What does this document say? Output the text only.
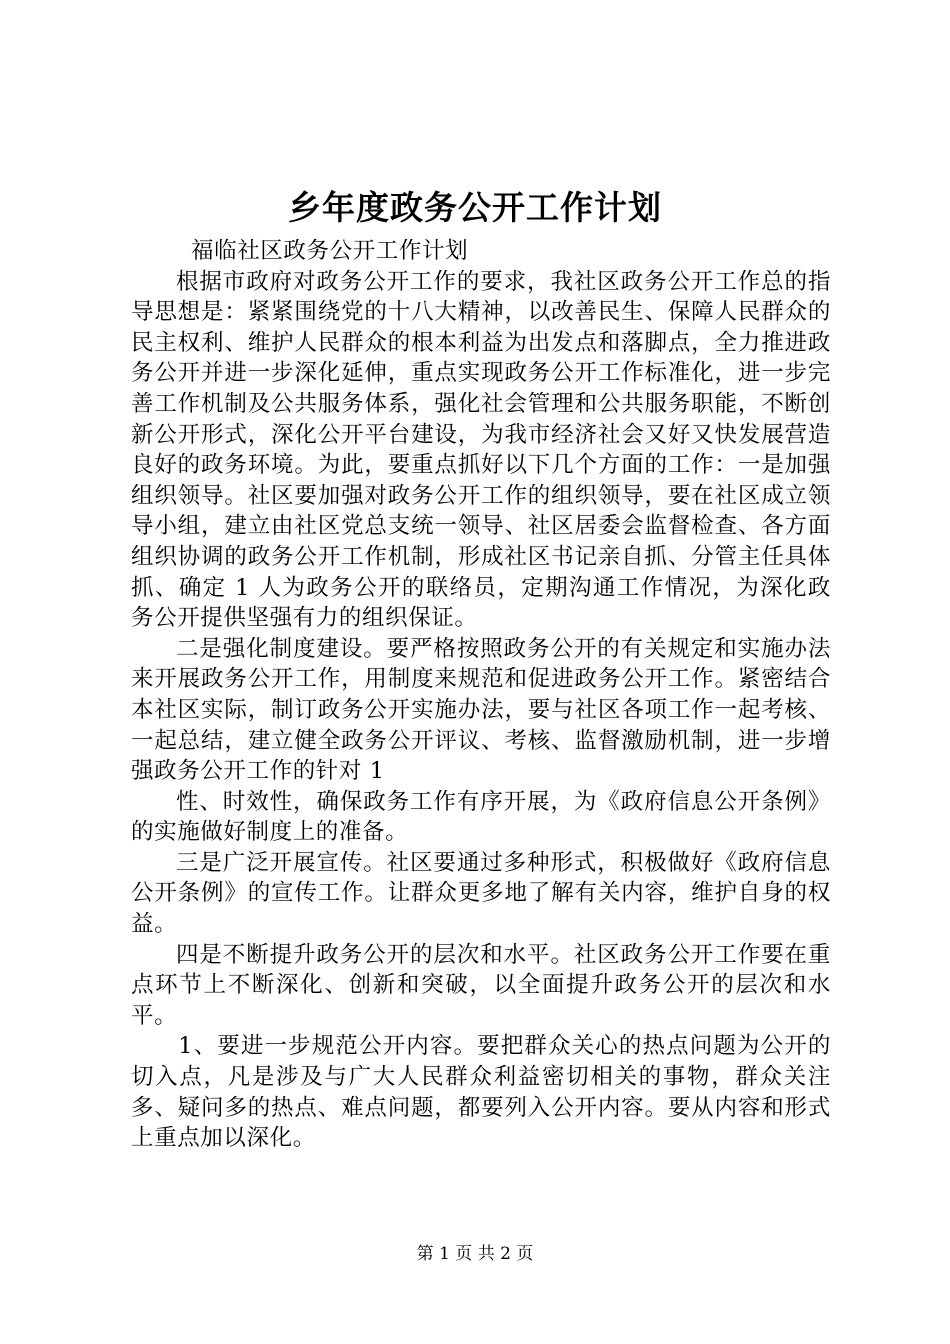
乡年度政务公开工作计划

福临社区政务公开工作计划

根据市政府对政务公开工作的要求，我社区政务公开工作总的指导思想是：紧紧围绕党的十八大精神，以改善民生、保障人民群众的民主权利、维护人民群众的根本利益为出发点和落脚点，全力推进政务公开并进一步深化延伸，重点实现政务公开工作标准化，进一步完善工作机制及公共服务体系，强化社会管理和公共服务职能，不断创新公开形式，深化公开平台建设，为我市经济社会又好又快发展营造良好的政务环境。为此，要重点抓好以下几个方面的工作：一是加强组织领导。社区要加强对政务公开工作的组织领导，要在社区成立领导小组，建立由社区党总支统一领导、社区居委会监督检查、各方面组织协调的政务公开工作机制，形成社区书记亲自抓、分管主任具体抓、确定 1 人为政务公开的联络员，定期沟通工作情况，为深化政务公开提供坚强有力的组织保证。

二是强化制度建设。要严格按照政务公开的有关规定和实施办法来开展政务公开工作，用制度来规范和促进政务公开工作。紧密结合本社区实际，制订政务公开实施办法，要与社区各项工作一起考核、一起总结，建立健全政务公开评议、考核、监督激励机制，进一步增强政务公开工作的针对 1

性、时效性，确保政务工作有序开展，为《政府信息公开条例》的实施做好制度上的准备。

三是广泛开展宣传。社区要通过多种形式，积极做好《政府信息公开条例》的宣传工作。让群众更多地了解有关内容，维护自身的权益。

四是不断提升政务公开的层次和水平。社区政务公开工作要在重点环节上不断深化、创新和突破，以全面提升政务公开的层次和水平。

1、要进一步规范公开内容。要把群众关心的热点问题为公开的切入点，凡是涉及与广大人民群众利益密切相关的事物，群众关注多、疑问多的热点、难点问题，都要列入公开内容。要从内容和形式上重点加以深化。

第 1 页 共 2 页
